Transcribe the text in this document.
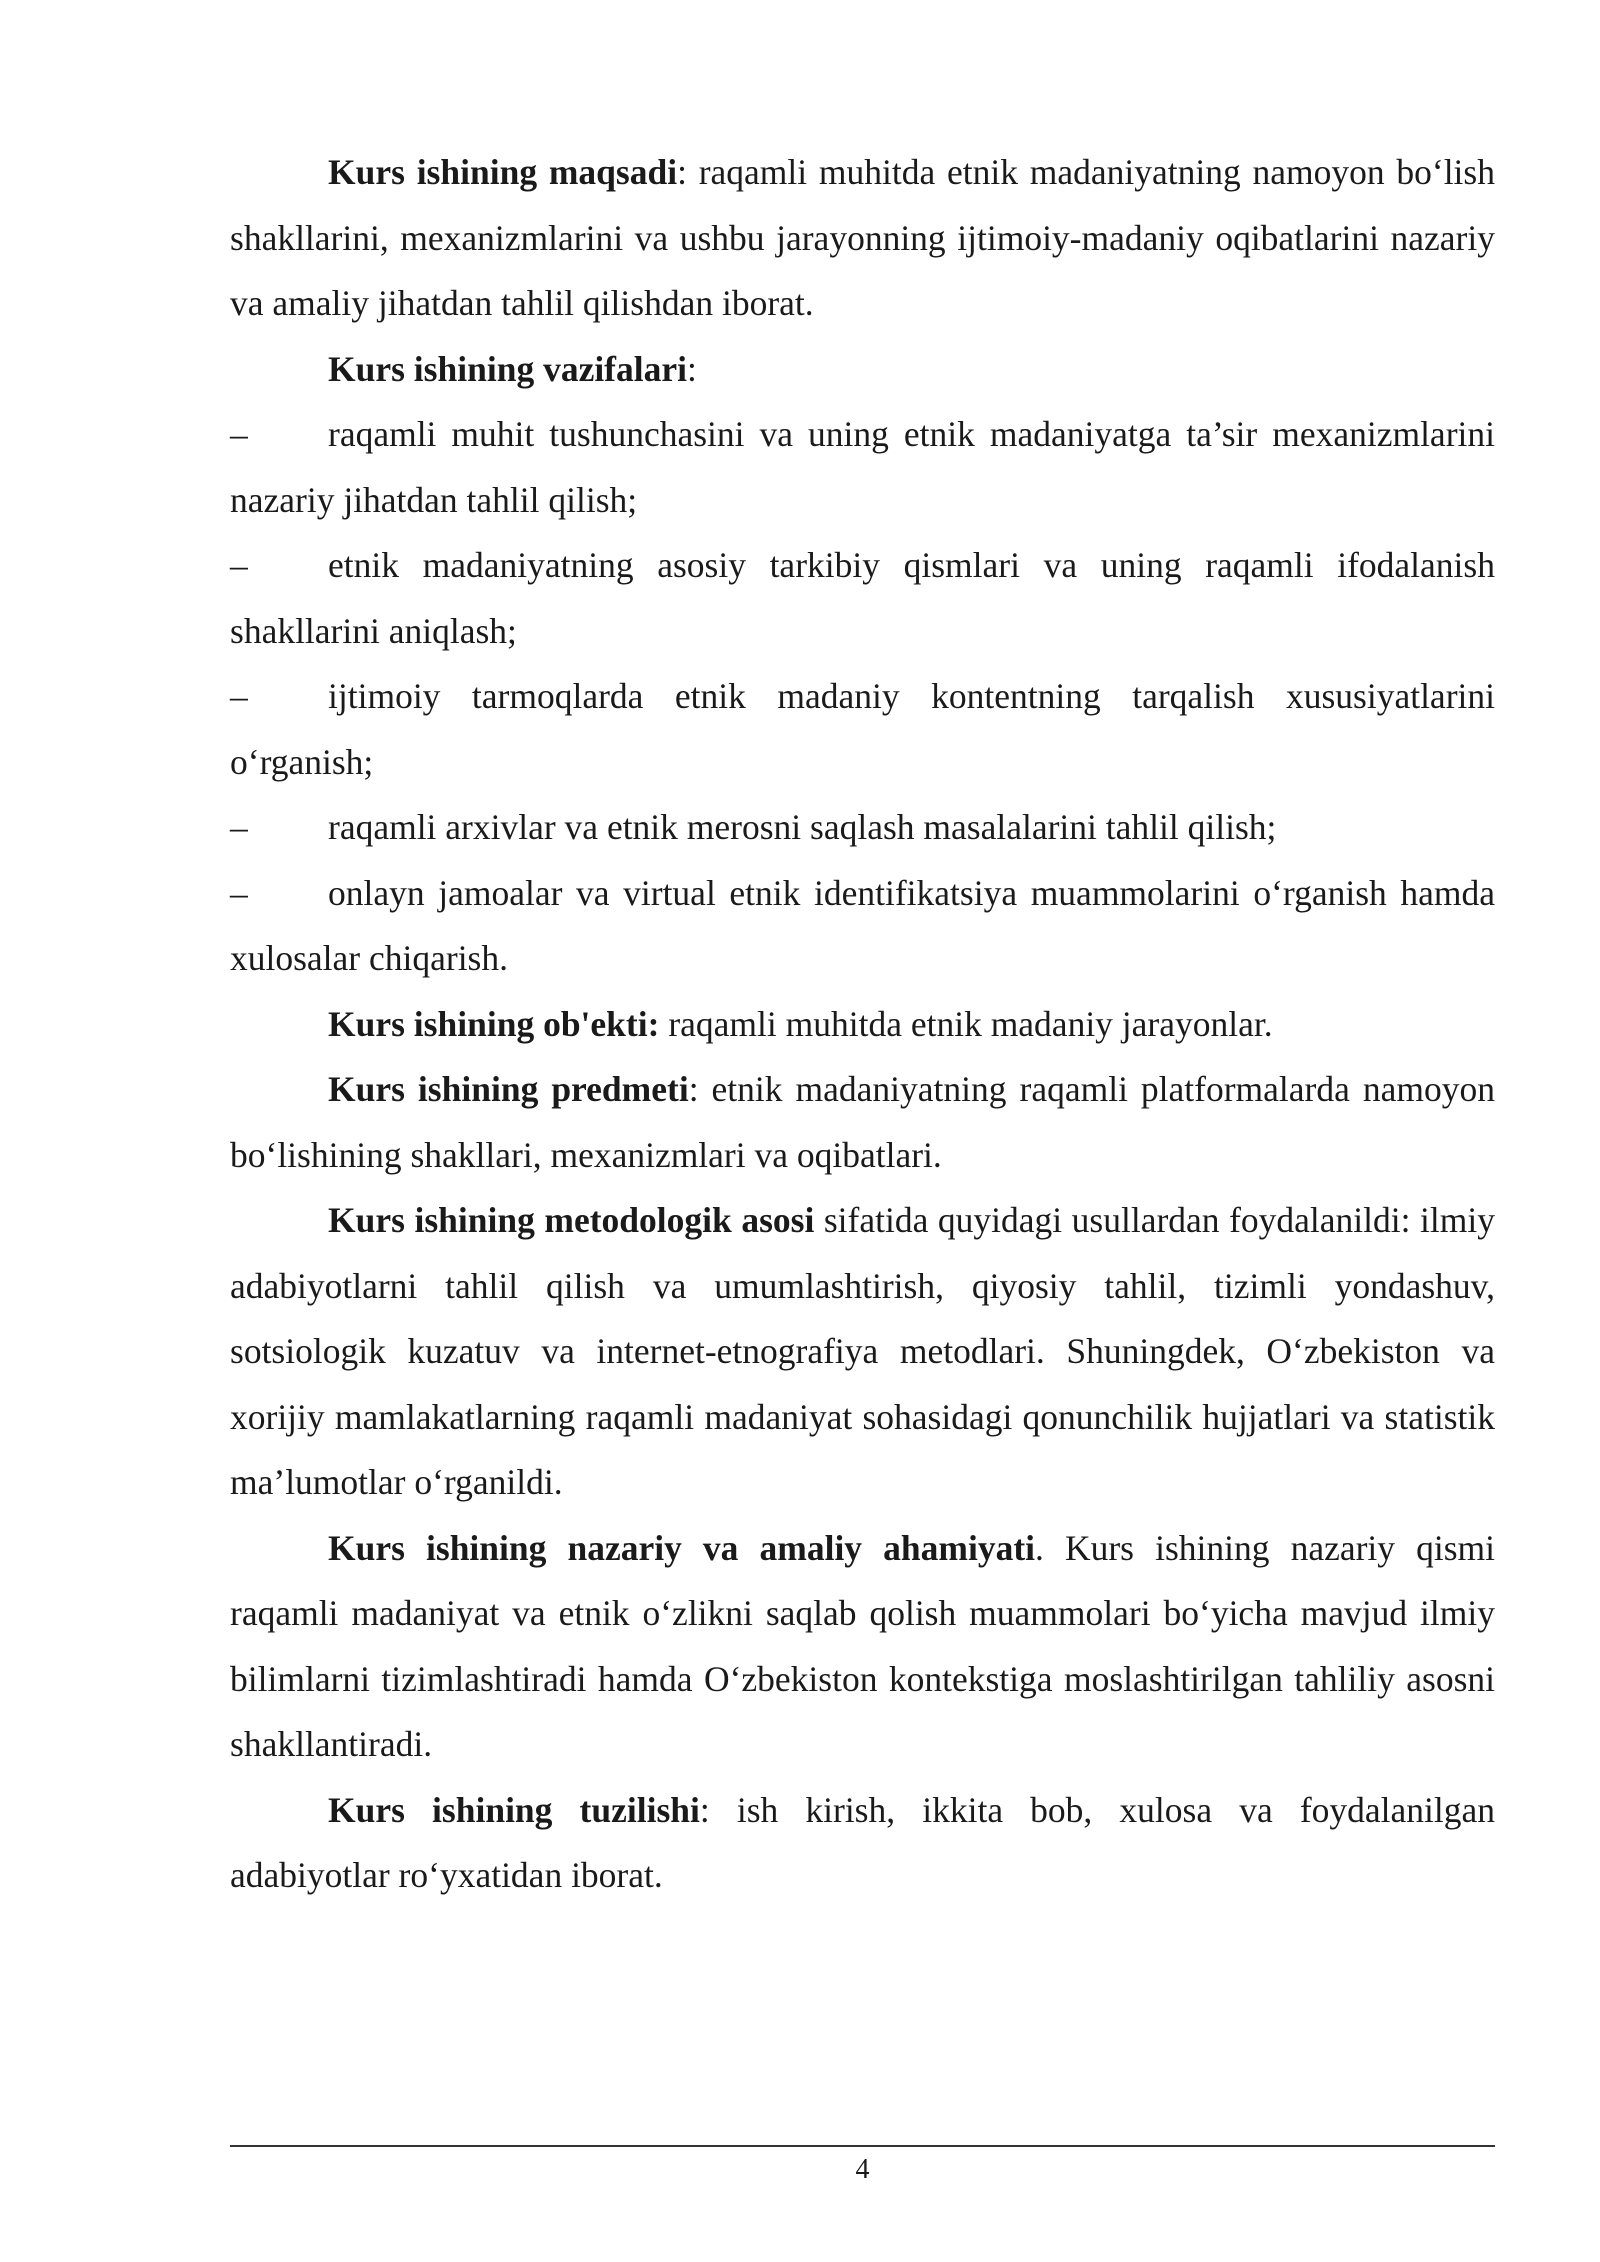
Kurs ishining maqsadi: raqamli muhitda etnik madaniyatning namoyon bo‘lish shakllarini, mexanizmlarini va ushbu jarayonning ijtimoiy-madaniy oqibatlarini nazariy va amaliy jihatdan tahlil qilishdan iborat.

Kurs ishining vazifalari:

– raqamli muhit tushunchasini va uning etnik madaniyatga ta’sir mexanizmlarini nazariy jihatdan tahlil qilish;

– etnik madaniyatning asosiy tarkibiy qismlari va uning raqamli ifodalanish shakllarini aniqlash;

– ijtimoiy tarmoqlarda etnik madaniy kontentning tarqalish xususiyatlarini o‘rganish;

– raqamli arxivlar va etnik merosni saqlash masalalarini tahlil qilish;

– onlayn jamoalar va virtual etnik identifikatsiya muammolarini o‘rganish hamda xulosalar chiqarish.

Kurs ishining ob'ekti: raqamli muhitda etnik madaniy jarayonlar.

Kurs ishining predmeti: etnik madaniyatning raqamli platformalarda namoyon bo‘lishining shakllari, mexanizmlari va oqibatlari.

Kurs ishining metodologik asosi sifatida quyidagi usullardan foydalanildi: ilmiy adabiyotlarni tahlil qilish va umumlashtirish, qiyosiy tahlil, tizimli yondashuv, sotsiologik kuzatuv va internet-etnografiya metodlari. Shuningdek, O‘zbekiston va xorijiy mamlakatlarning raqamli madaniyat sohasidagi qonunchilik hujjatlari va statistik ma’lumotlar o‘rganildi.

Kurs ishining nazariy va amaliy ahamiyati. Kurs ishining nazariy qismi raqamli madaniyat va etnik o‘zlikni saqlab qolish muammolari bo‘yicha mavjud ilmiy bilimlarni tizimlashtiradi hamda O‘zbekiston kontekstiga moslashtirilgan tahliliy asosni shakllantiradi.

Kurs ishining tuzilishi: ish kirish, ikkita bob, xulosa va foydalanilgan adabiyotlar ro‘yxatidan iborat.

4
